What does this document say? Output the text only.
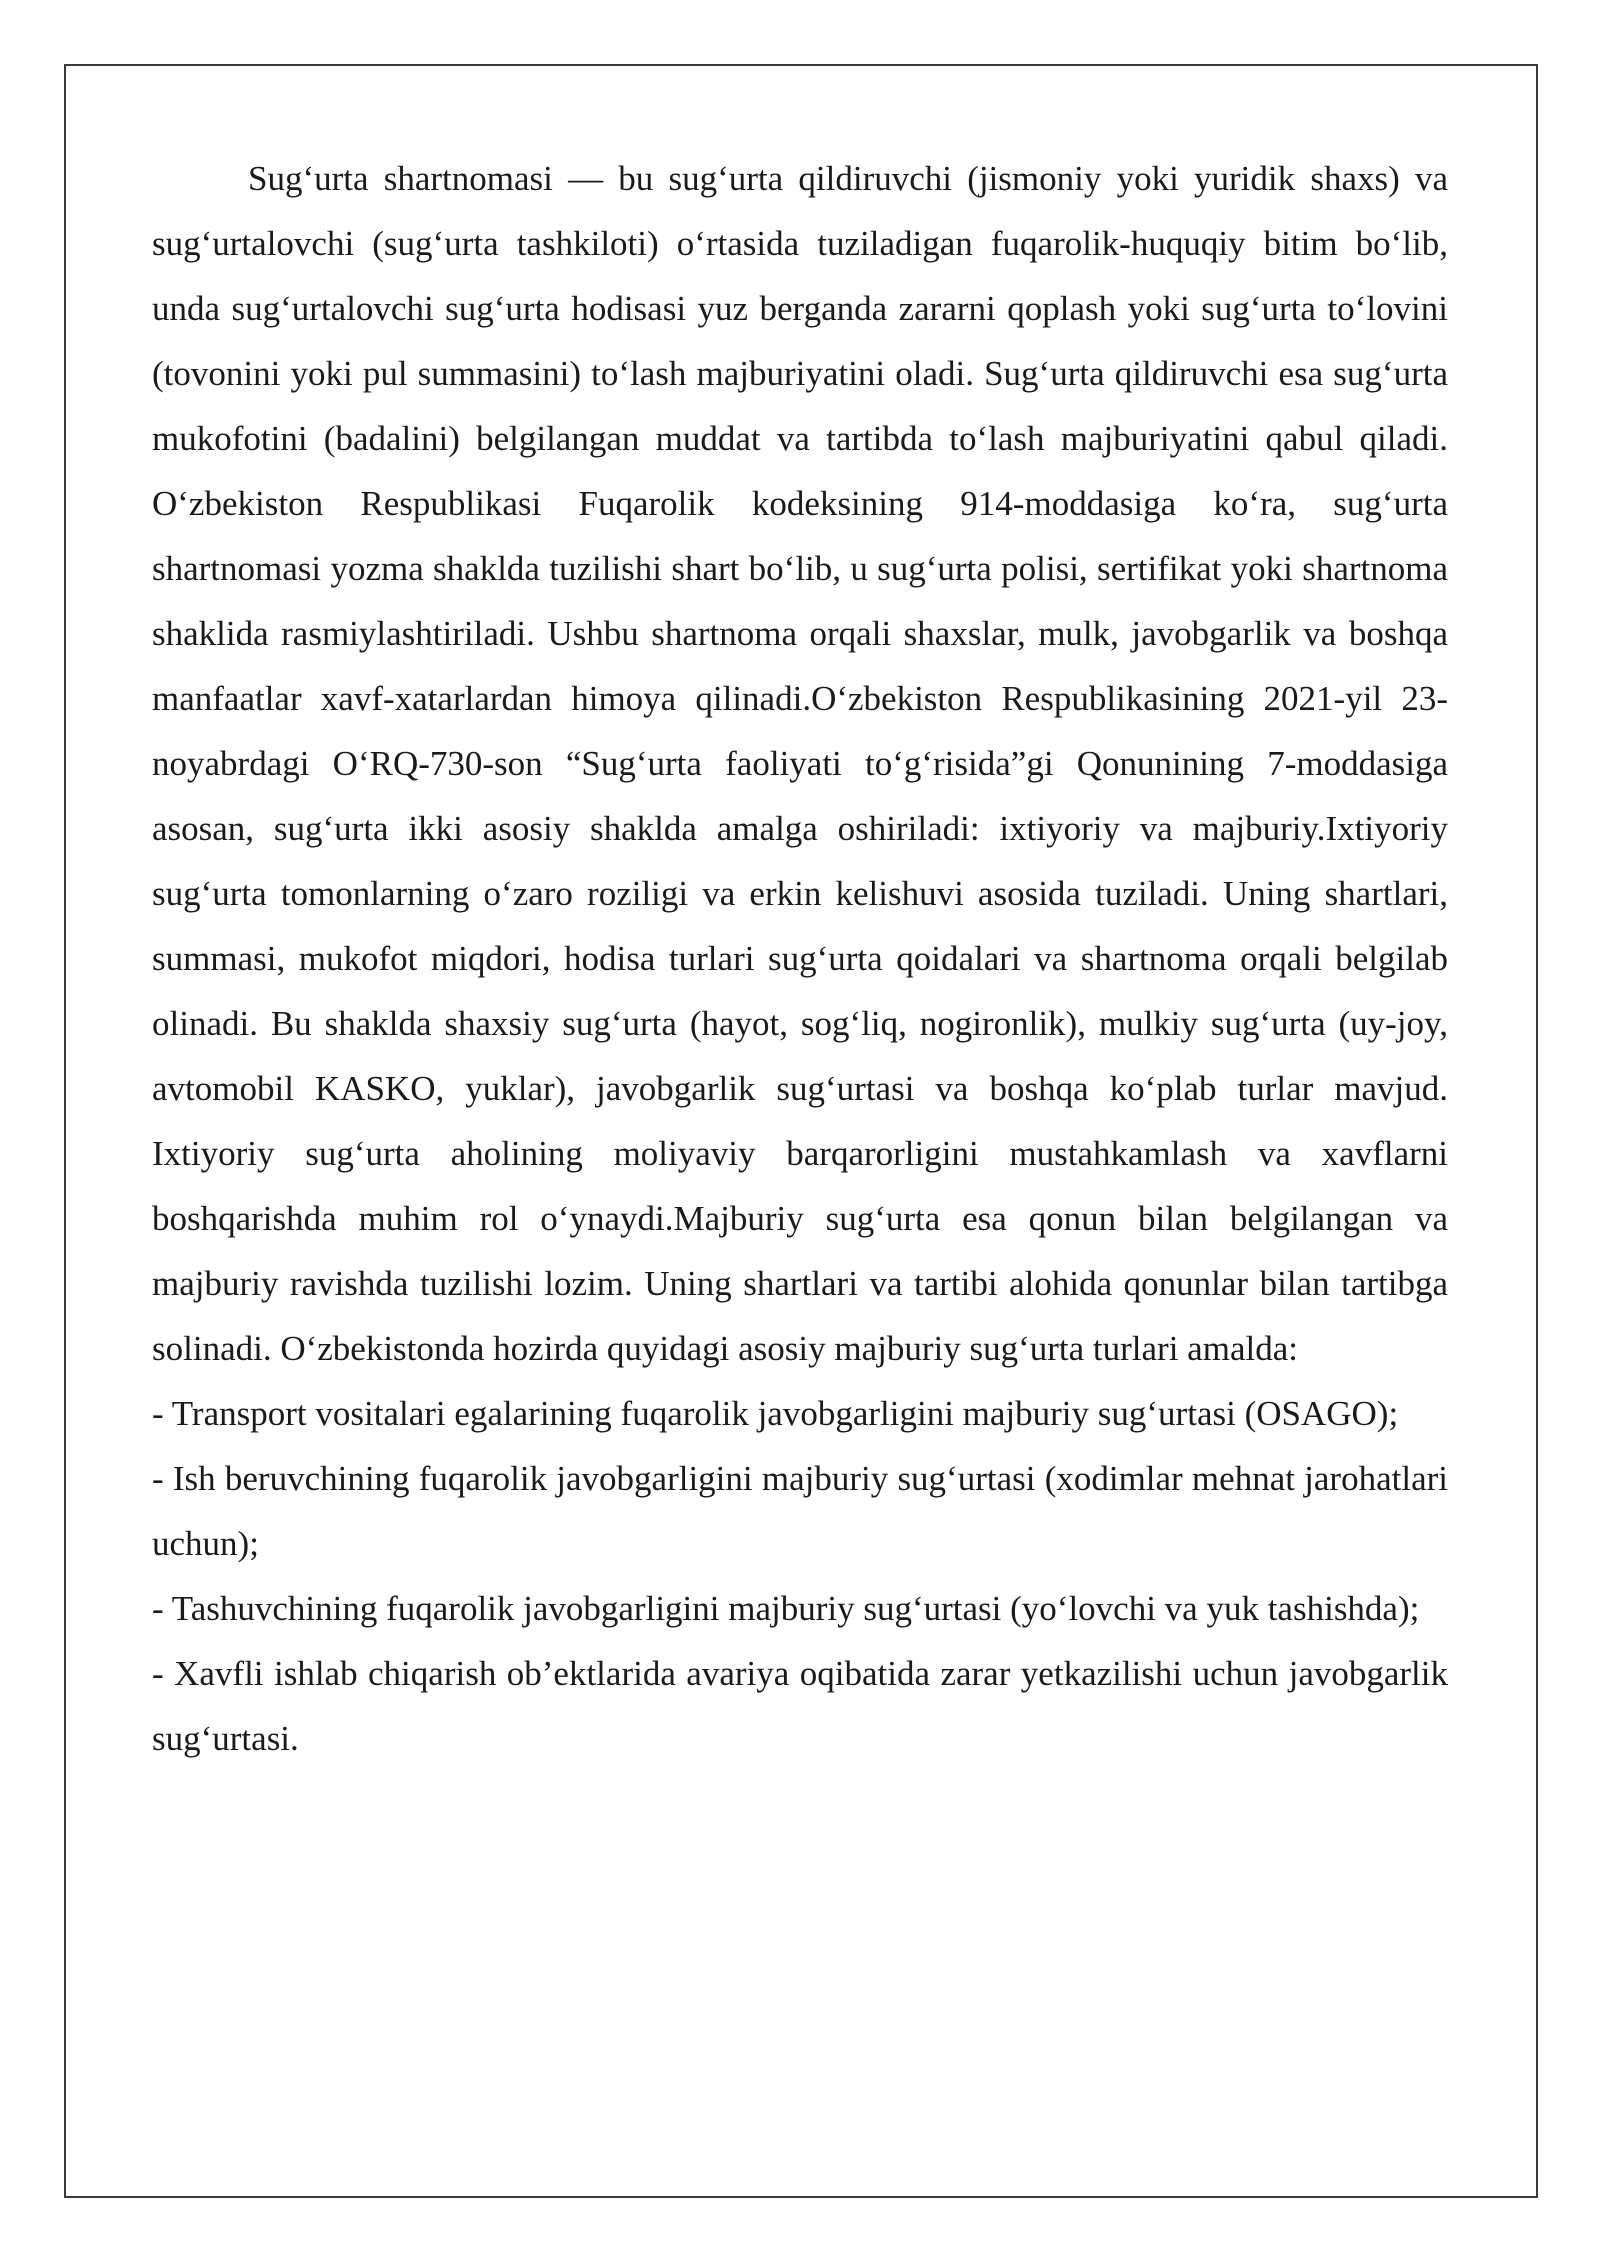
Sug‘urta shartnomasi — bu sug‘urta qildiruvchi (jismoniy yoki yuridik shaxs) va sug‘urtalovchi (sug‘urta tashkiloti) o‘rtasida tuziladigan fuqarolik-huquqiy bitim bo‘lib, unda sug‘urtalovchi sug‘urta hodisasi yuz berganda zararni qoplash yoki sug‘urta to‘lovini (tovonini yoki pul summasini) to‘lash majburiyatini oladi. Sug‘urta qildiruvchi esa sug‘urta mukofotini (badalini) belgilangan muddat va tartibda to‘lash majburiyatini qabul qiladi. O‘zbekiston Respublikasi Fuqarolik kodeksining 914-moddasiga ko‘ra, sug‘urta shartnomasi yozma shaklda tuzilishi shart bo‘lib, u sug‘urta polisi, sertifikat yoki shartnoma shaklida rasmiylashtiriladi. Ushbu shartnoma orqali shaxslar, mulk, javobgarlik va boshqa manfaatlar xavf-xatarlardan himoya qilinadi.O‘zbekiston Respublikasining 2021-yil 23-noyabrdagi O‘RQ-730-son “Sug‘urta faoliyati to‘g‘risida”gi Qonunining 7-moddasiga asosan, sug‘urta ikki asosiy shaklda amalga oshiriladi: ixtiyoriy va majburiy.Ixtiyoriy sug‘urta tomonlarning o‘zaro roziligi va erkin kelishuvi asosida tuziladi. Uning shartlari, summasi, mukofot miqdori, hodisa turlari sug‘urta qoidalari va shartnoma orqali belgilab olinadi. Bu shaklda shaxsiy sug‘urta (hayot, sog‘liq, nogironlik), mulkiy sug‘urta (uy-joy, avtomobil KASKO, yuklar), javobgarlik sug‘urtasi va boshqa ko‘plab turlar mavjud. Ixtiyoriy sug‘urta aholining moliyaviy barqarorligini mustahkamlash va xavflarni boshqarishda muhim rol o‘ynaydi.Majburiy sug‘urta esa qonun bilan belgilangan va majburiy ravishda tuzilishi lozim. Uning shartlari va tartibi alohida qonunlar bilan tartibga solinadi. O‘zbekistonda hozirda quyidagi asosiy majburiy sug‘urta turlari amalda:

- Transport vositalari egalarining fuqarolik javobgarligini majburiy sug‘urtasi (OSAGO);

- Ish beruvchining fuqarolik javobgarligini majburiy sug‘urtasi (xodimlar mehnat jarohatlari uchun);

- Tashuvchining fuqarolik javobgarligini majburiy sug‘urtasi (yo‘lovchi va yuk tashishda);

- Xavfli ishlab chiqarish ob’ektlarida avariya oqibatida zarar yetkazilishi uchun javobgarlik sug‘urtasi.
